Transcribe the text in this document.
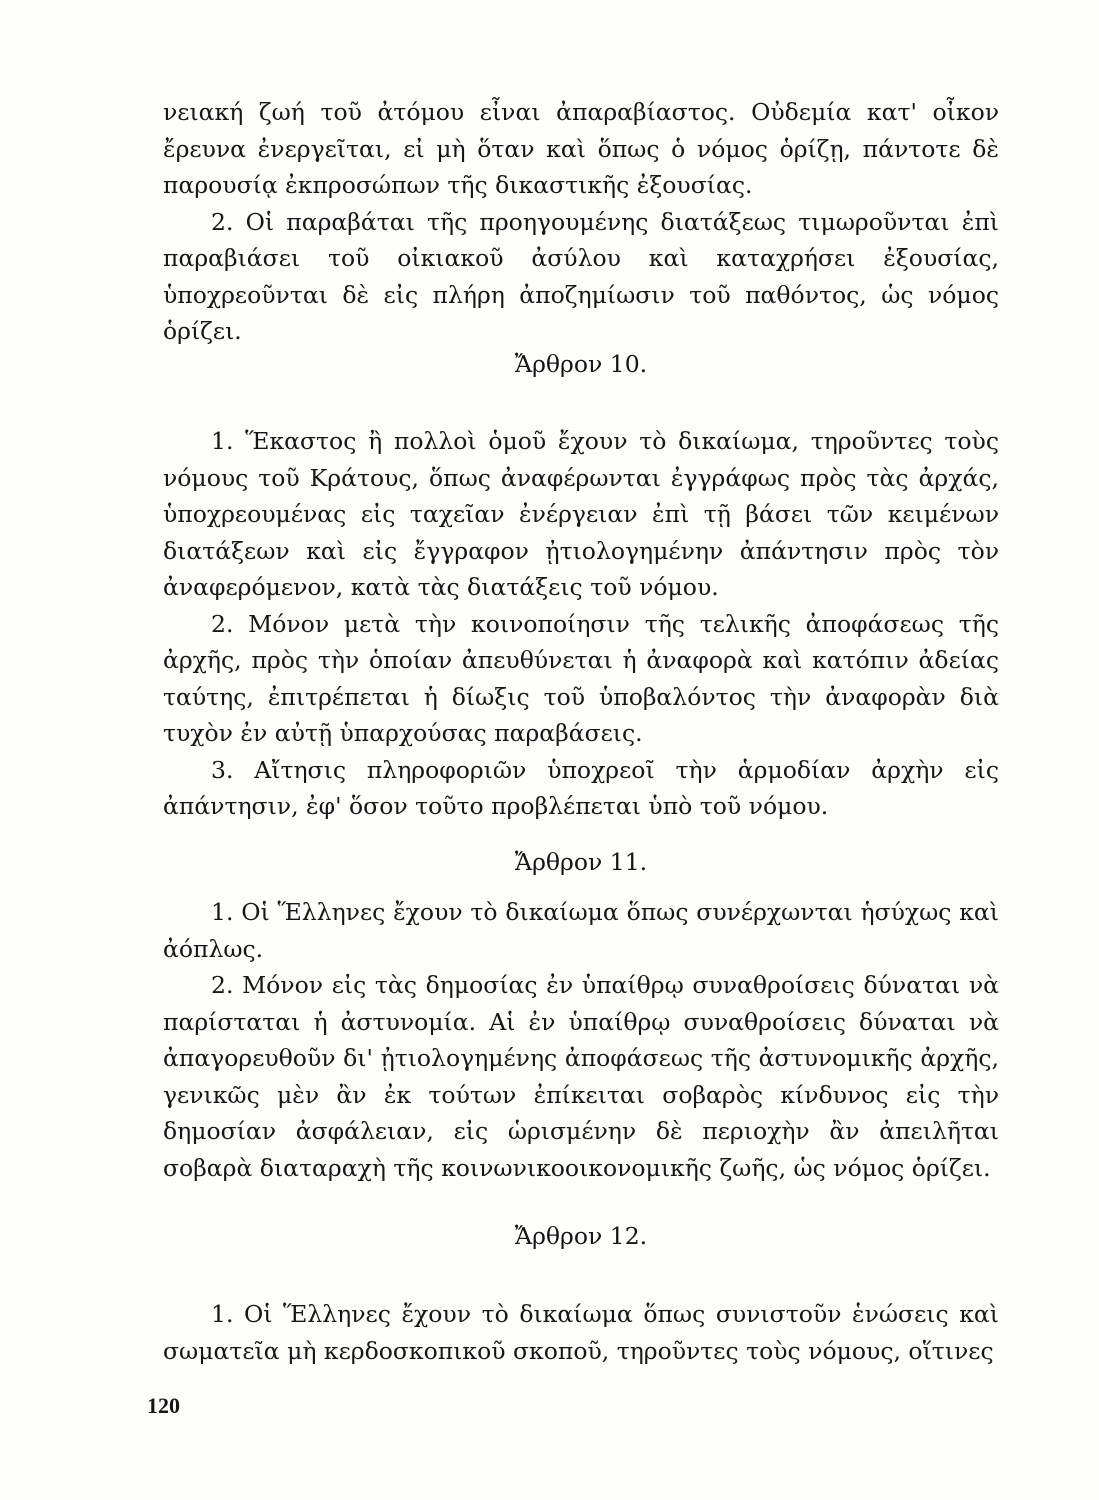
νειακή ζωή τοῦ ἀτόμου εἶναι ἀπαραβίαστος. Οὐδεμία κατ' οἶκον ἔρευνα ἐνεργεῖται, εἰ μὴ ὅταν καὶ ὅπως ὁ νόμος ὁρίζῃ, πάντοτε δὲ παρουσίᾳ ἐκπροσώπων τῆς δικαστικῆς ἐξουσίας.

2. Οἱ παραβάται τῆς προηγουμένης διατάξεως τιμωροῦνται ἐπὶ παραβιάσει τοῦ οἰκιακοῦ ἀσύλου καὶ καταχρήσει ἐξουσίας, ὑποχρεοῦνται δὲ εἰς πλήρη ἀποζημίωσιν τοῦ παθόντος, ὡς νόμος ὁρίζει.

Ἄρθρον 10.

1. Ἕκαστος ἢ πολλοὶ ὁμοῦ ἔχουν τὸ δικαίωμα, τηροῦντες τοὺς νόμους τοῦ Κράτους, ὅπως ἀναφέρωνται ἐγγράφως πρὸς τὰς ἀρχάς, ὑποχρεουμένας εἰς ταχεῖαν ἐνέργειαν ἐπὶ τῇ βάσει τῶν κειμένων διατάξεων καὶ εἰς ἔγγραφον ᾐτιολογημένην ἀπάντησιν πρὸς τὸν ἀναφερόμενον, κατὰ τὰς διατάξεις τοῦ νόμου.

2. Μόνον μετὰ τὴν κοινοποίησιν τῆς τελικῆς ἀποφάσεως τῆς ἀρχῆς, πρὸς τὴν ὁποίαν ἀπευθύνεται ἡ ἀναφορὰ καὶ κατόπιν ἀδείας ταύτης, ἐπιτρέπεται ἡ δίωξις τοῦ ὑποβαλόντος τὴν ἀναφορὰν διὰ τυχὸν ἐν αὐτῇ ὑπαρχούσας παραβάσεις.

3. Αἴτησις πληροφοριῶν ὑποχρεοῖ τὴν ἁρμοδίαν ἀρχὴν εἰς ἀπάντησιν, ἐφ' ὅσον τοῦτο προβλέπεται ὑπὸ τοῦ νόμου.

Ἄρθρον 11.

1. Οἱ Ἕλληνες ἔχουν τὸ δικαίωμα ὅπως συνέρχωνται ἡσύχως καὶ ἀόπλως.

2. Μόνον εἰς τὰς δημοσίας ἐν ὑπαίθρῳ συναθροίσεις δύναται νὰ παρίσταται ἡ ἀστυνομία. Αἱ ἐν ὑπαίθρῳ συναθροίσεις δύναται νὰ ἀπαγορευθοῦν δι' ᾐτιολογημένης ἀποφάσεως τῆς ἀστυνομικῆς ἀρχῆς, γενικῶς μὲν ἂν ἐκ τούτων ἐπίκειται σοβαρὸς κίνδυνος εἰς τὴν δημοσίαν ἀσφάλειαν, εἰς ὡρισμένην δὲ περιοχὴν ἂν ἀπειλῆται σοβαρὰ διαταραχὴ τῆς κοινωνικοοικονομικῆς ζωῆς, ὡς νόμος ὁρίζει.

Ἄρθρον 12.

1. Οἱ Ἕλληνες ἔχουν τὸ δικαίωμα ὅπως συνιστοῦν ἑνώσεις καὶ σωματεῖα μὴ κερδοσκοπικοῦ σκοποῦ, τηροῦντες τοὺς νόμους, οἵτινες

120
